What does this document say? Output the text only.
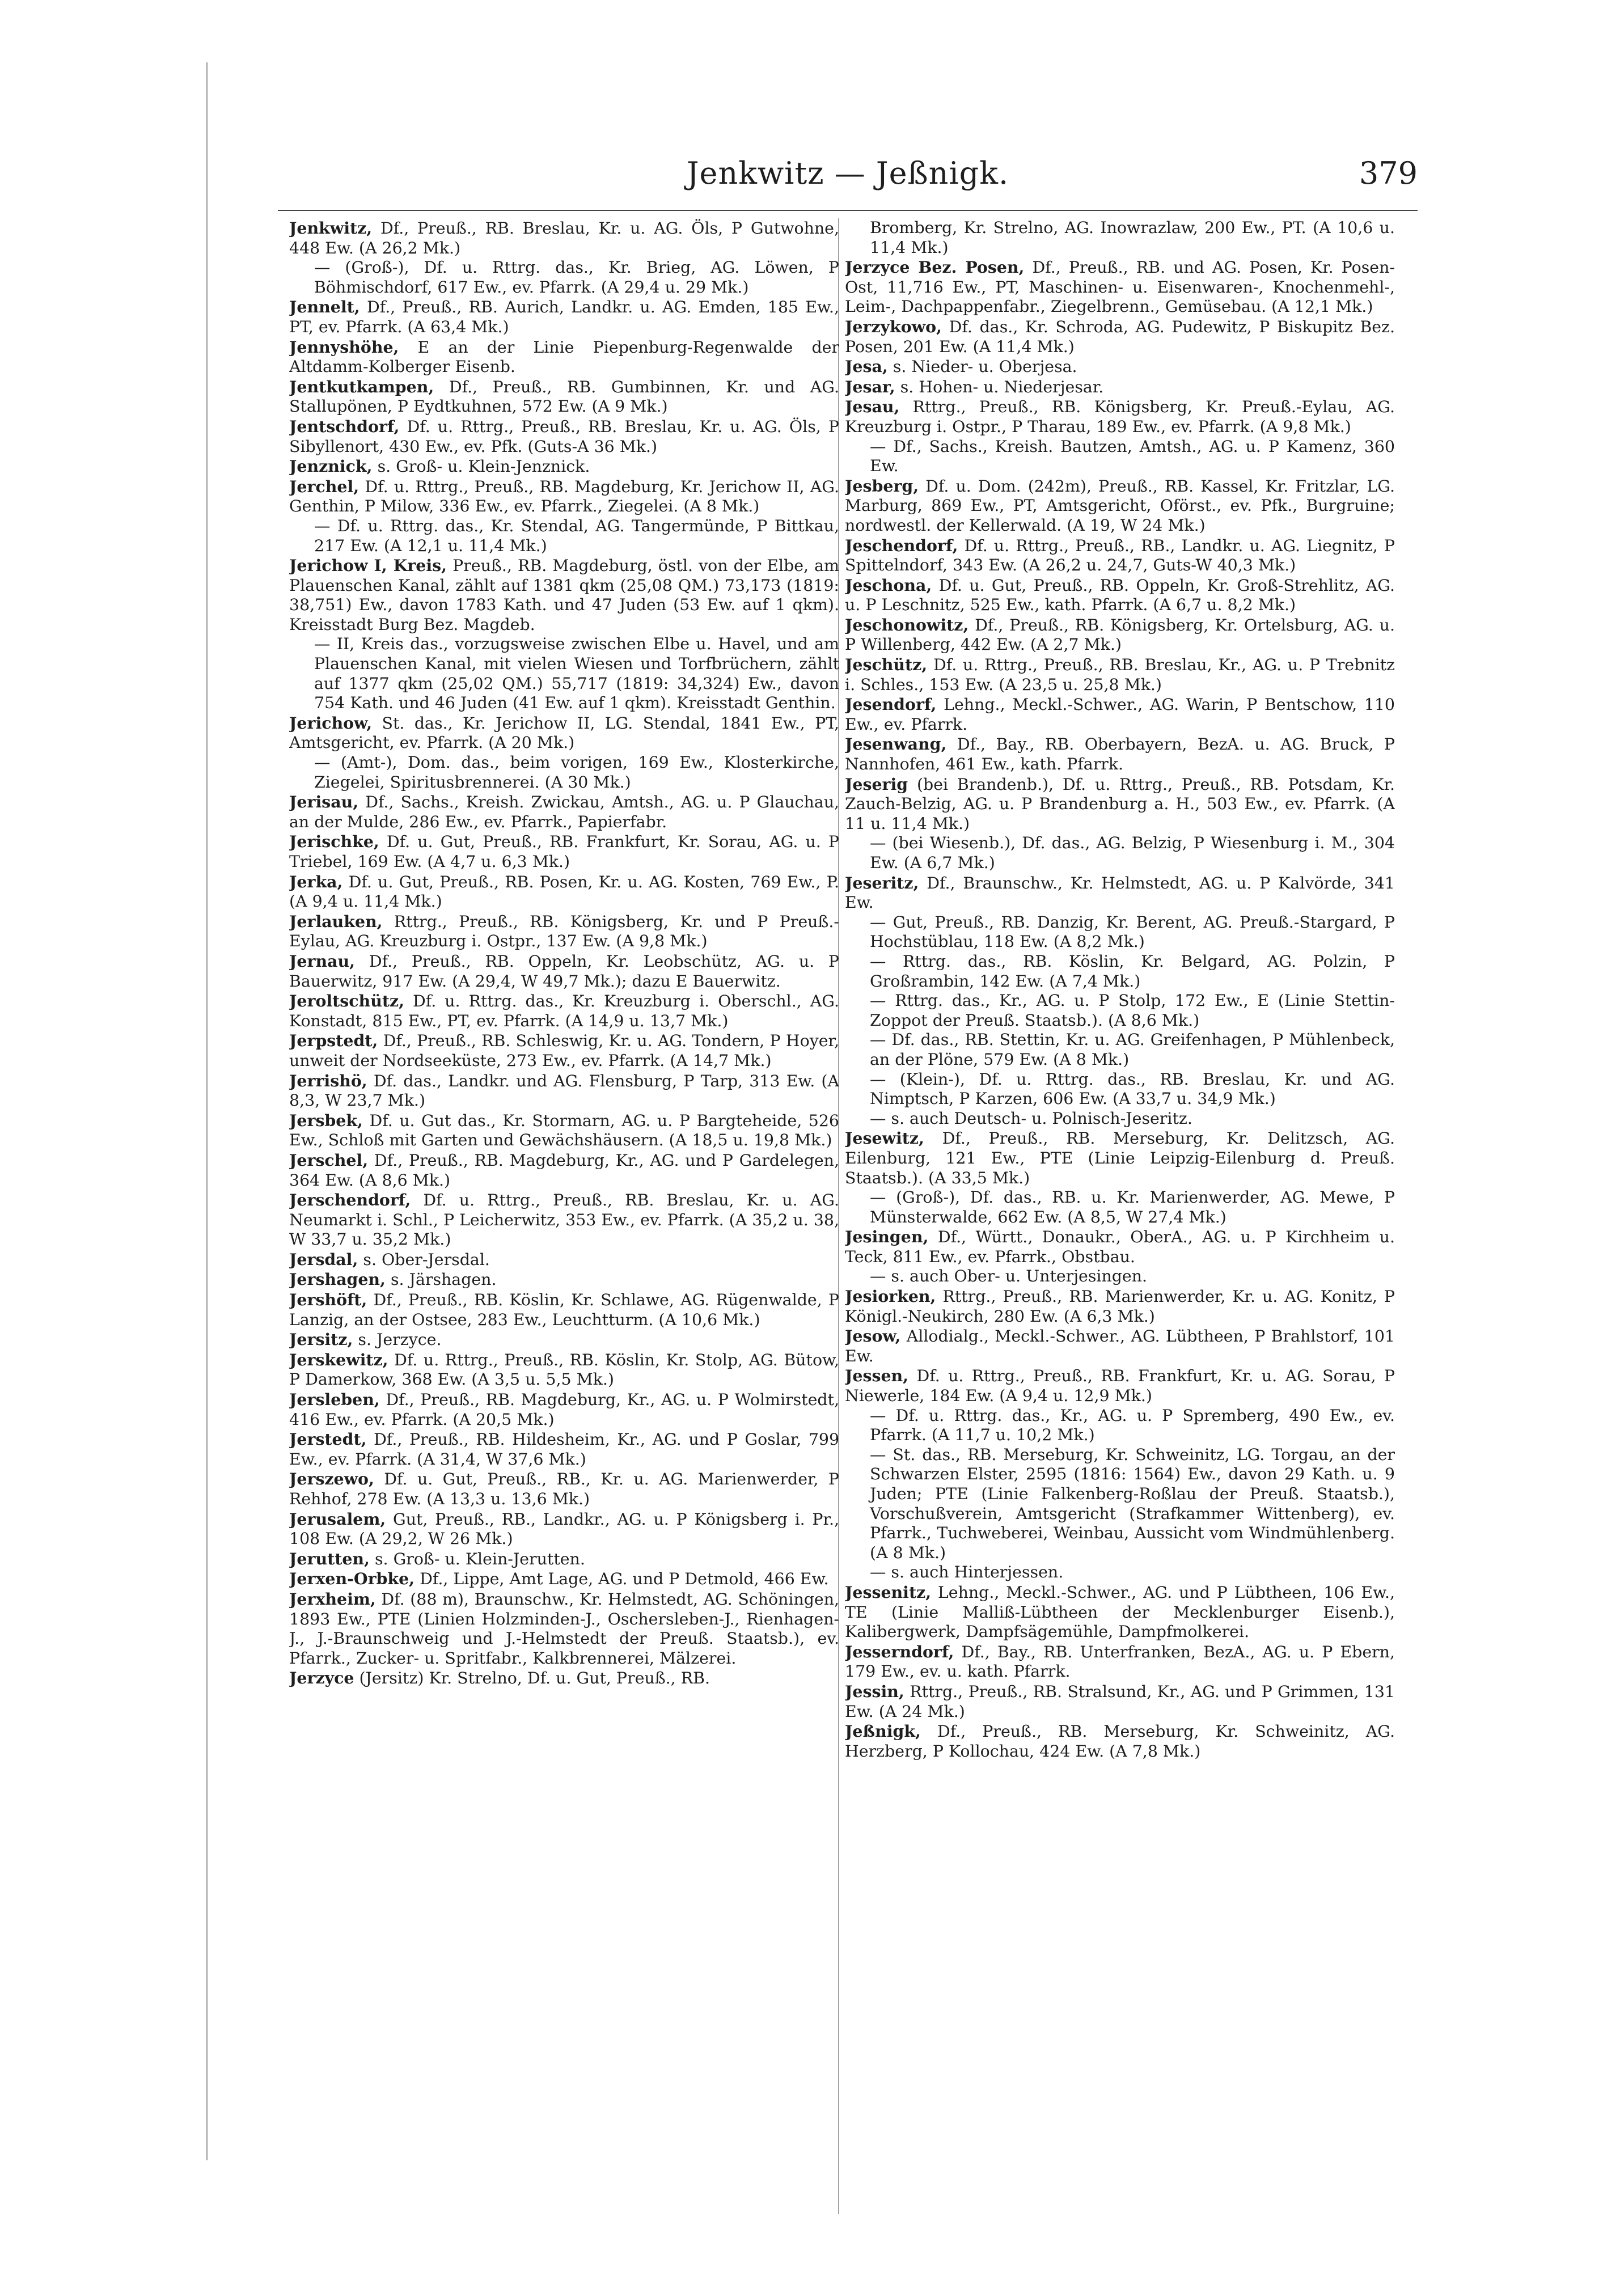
Jenkwitz — Jeßnigk.	379

Jenkwitz, Df., Preuß., RB. Breslau, Kr. u. AG. Öls, P Gutwohne, 448 Ew. (A 26,2 Mk.)

— (Groß-), Df. u. Rttrg. das., Kr. Brieg, AG. Löwen, P Böhmischdorf, 617 Ew., ev. Pfarrk. (A 29,4 u. 29 Mk.)

Jennelt, Df., Preuß., RB. Aurich, Landkr. u. AG. Emden, 185 Ew., PT, ev. Pfarrk. (A 63,4 Mk.)

Jennyshöhe, E an der Linie Piepenburg-Regenwalde der Altdamm-Kolberger Eisenb.

Jentkutkampen, Df., Preuß., RB. Gumbinnen, Kr. und AG. Stallupönen, P Eydtkuhnen, 572 Ew. (A 9 Mk.)

Jentschdorf, Df. u. Rttrg., Preuß., RB. Breslau, Kr. u. AG. Öls, P Sibyllenort, 430 Ew., ev. Pfk. (Guts-A 36 Mk.)

Jenznick, s. Groß- u. Klein-Jenznick.

Jerchel, Df. u. Rttrg., Preuß., RB. Magdeburg, Kr. Jerichow II, AG. Genthin, P Milow, 336 Ew., ev. Pfarrk., Ziegelei. (A 8 Mk.)

— Df. u. Rttrg. das., Kr. Stendal, AG. Tangermünde, P Bittkau, 217 Ew. (A 12,1 u. 11,4 Mk.)

Jerichow I, Kreis, Preuß., RB. Magdeburg, östl. von der Elbe, am Plauenschen Kanal, zählt auf 1381 qkm (25,08 QM.) 73,173 (1819: 38,751) Ew., davon 1783 Kath. und 47 Juden (53 Ew. auf 1 qkm). Kreisstadt Burg Bez. Magdeb.

— II, Kreis das., vorzugsweise zwischen Elbe u. Havel, und am Plauenschen Kanal, mit vielen Wiesen und Torfbrüchern, zählt auf 1377 qkm (25,02 QM.) 55,717 (1819: 34,324) Ew., davon 754 Kath. und 46 Juden (41 Ew. auf 1 qkm). Kreisstadt Genthin.

Jerichow, St. das., Kr. Jerichow II, LG. Stendal, 1841 Ew., PT, Amtsgericht, ev. Pfarrk. (A 20 Mk.)

— (Amt-), Dom. das., beim vorigen, 169 Ew., Klosterkirche, Ziegelei, Spiritusbrennerei. (A 30 Mk.)

Jerisau, Df., Sachs., Kreish. Zwickau, Amtsh., AG. u. P Glauchau, an der Mulde, 286 Ew., ev. Pfarrk., Papierfabr.

Jerischke, Df. u. Gut, Preuß., RB. Frankfurt, Kr. Sorau, AG. u. P Triebel, 169 Ew. (A 4,7 u. 6,3 Mk.)

Jerka, Df. u. Gut, Preuß., RB. Posen, Kr. u. AG. Kosten, 769 Ew., P. (A 9,4 u. 11,4 Mk.)

Jerlauken, Rttrg., Preuß., RB. Königsberg, Kr. und P Preuß.-Eylau, AG. Kreuzburg i. Ostpr., 137 Ew. (A 9,8 Mk.)

Jernau, Df., Preuß., RB. Oppeln, Kr. Leobschütz, AG. u. P Bauerwitz, 917 Ew. (A 29,4, W 49,7 Mk.); dazu E Bauerwitz.

Jeroltschütz, Df. u. Rttrg. das., Kr. Kreuzburg i. Oberschl., AG. Konstadt, 815 Ew., PT, ev. Pfarrk. (A 14,9 u. 13,7 Mk.)

Jerpstedt, Df., Preuß., RB. Schleswig, Kr. u. AG. Tondern, P Hoyer, unweit der Nordseeküste, 273 Ew., ev. Pfarrk. (A 14,7 Mk.)

Jerrishö, Df. das., Landkr. und AG. Flensburg, P Tarp, 313 Ew. (A 8,3, W 23,7 Mk.)

Jersbek, Df. u. Gut das., Kr. Stormarn, AG. u. P Bargteheide, 526 Ew., Schloß mit Garten und Gewächshäusern. (A 18,5 u. 19,8 Mk.)

Jerschel, Df., Preuß., RB. Magdeburg, Kr., AG. und P Gardelegen, 364 Ew. (A 8,6 Mk.)

Jerschendorf, Df. u. Rttrg., Preuß., RB. Breslau, Kr. u. AG. Neumarkt i. Schl., P Leicherwitz, 353 Ew., ev. Pfarrk. (A 35,2 u. 38, W 33,7 u. 35,2 Mk.)

Jersdal, s. Ober-Jersdal.

Jershagen, s. Järshagen.

Jershöft, Df., Preuß., RB. Köslin, Kr. Schlawe, AG. Rügenwalde, P Lanzig, an der Ostsee, 283 Ew., Leuchtturm. (A 10,6 Mk.)

Jersitz, s. Jerzyce.

Jerskewitz, Df. u. Rttrg., Preuß., RB. Köslin, Kr. Stolp, AG. Bütow, P Damerkow, 368 Ew. (A 3,5 u. 5,5 Mk.)

Jersleben, Df., Preuß., RB. Magdeburg, Kr., AG. u. P Wolmirstedt, 416 Ew., ev. Pfarrk. (A 20,5 Mk.)

Jerstedt, Df., Preuß., RB. Hildesheim, Kr., AG. und P Goslar, 799 Ew., ev. Pfarrk. (A 31,4, W 37,6 Mk.)

Jerszewo, Df. u. Gut, Preuß., RB., Kr. u. AG. Marienwerder, P Rehhof, 278 Ew. (A 13,3 u. 13,6 Mk.)

Jerusalem, Gut, Preuß., RB., Landkr., AG. u. P Königsberg i. Pr., 108 Ew. (A 29,2, W 26 Mk.)

Jerutten, s. Groß- u. Klein-Jerutten.

Jerxen-Orbke, Df., Lippe, Amt Lage, AG. und P Detmold, 466 Ew.

Jerxheim, Df. (88 m), Braunschw., Kr. Helmstedt, AG. Schöningen, 1893 Ew., PTE (Linien Holzminden-J., Oschersleben-J., Rienhagen-J., J.-Braunschweig und J.-Helmstedt der Preuß. Staatsb.), ev. Pfarrk., Zucker- u. Spritfabr., Kalkbrennerei, Mälzerei.

Jerzyce (Jersitz) Kr. Strelno, Df. u. Gut, Preuß., RB.

Bromberg, Kr. Strelno, AG. Inowrazlaw, 200 Ew., PT. (A 10,6 u. 11,4 Mk.)

Jerzyce Bez. Posen, Df., Preuß., RB. und AG. Posen, Kr. Posen-Ost, 11,716 Ew., PT, Maschinen- u. Eisenwaren-, Knochenmehl-, Leim-, Dachpappenfabr., Ziegelbrenn., Gemüsebau. (A 12,1 Mk.)

Jerzykowo, Df. das., Kr. Schroda, AG. Pudewitz, P Biskupitz Bez. Posen, 201 Ew. (A 11,4 Mk.)

Jesa, s. Nieder- u. Oberjesa.

Jesar, s. Hohen- u. Niederjesar.

Jesau, Rttrg., Preuß., RB. Königsberg, Kr. Preuß.-Eylau, AG. Kreuzburg i. Ostpr., P Tharau, 189 Ew., ev. Pfarrk. (A 9,8 Mk.)

— Df., Sachs., Kreish. Bautzen, Amtsh., AG. u. P Kamenz, 360 Ew.

Jesberg, Df. u. Dom. (242m), Preuß., RB. Kassel, Kr. Fritzlar, LG. Marburg, 869 Ew., PT, Amtsgericht, Oförst., ev. Pfk., Burgruine; nordwestl. der Kellerwald. (A 19, W 24 Mk.)

Jeschendorf, Df. u. Rttrg., Preuß., RB., Landkr. u. AG. Liegnitz, P Spittelndorf, 343 Ew. (A 26,2 u. 24,7, Guts-W 40,3 Mk.)

Jeschona, Df. u. Gut, Preuß., RB. Oppeln, Kr. Groß-Strehlitz, AG. u. P Leschnitz, 525 Ew., kath. Pfarrk. (A 6,7 u. 8,2 Mk.)

Jeschonowitz, Df., Preuß., RB. Königsberg, Kr. Ortelsburg, AG. u. P Willenberg, 442 Ew. (A 2,7 Mk.)

Jeschütz, Df. u. Rttrg., Preuß., RB. Breslau, Kr., AG. u. P Trebnitz i. Schles., 153 Ew. (A 23,5 u. 25,8 Mk.)

Jesendorf, Lehng., Meckl.-Schwer., AG. Warin, P Bentschow, 110 Ew., ev. Pfarrk.

Jesenwang, Df., Bay., RB. Oberbayern, BezA. u. AG. Bruck, P Nannhofen, 461 Ew., kath. Pfarrk.

Jeserig (bei Brandenb.), Df. u. Rttrg., Preuß., RB. Potsdam, Kr. Zauch-Belzig, AG. u. P Brandenburg a. H., 503 Ew., ev. Pfarrk. (A 11 u. 11,4 Mk.)

— (bei Wiesenb.), Df. das., AG. Belzig, P Wiesenburg i. M., 304 Ew. (A 6,7 Mk.)

Jeseritz, Df., Braunschw., Kr. Helmstedt, AG. u. P Kalvörde, 341 Ew.

— Gut, Preuß., RB. Danzig, Kr. Berent, AG. Preuß.-Stargard, P Hochstüblau, 118 Ew. (A 8,2 Mk.)

— Rttrg. das., RB. Köslin, Kr. Belgard, AG. Polzin, P Großrambin, 142 Ew. (A 7,4 Mk.)

— Rttrg. das., Kr., AG. u. P Stolp, 172 Ew., E (Linie Stettin-Zoppot der Preuß. Staatsb.). (A 8,6 Mk.)

— Df. das., RB. Stettin, Kr. u. AG. Greifenhagen, P Mühlenbeck, an der Plöne, 579 Ew. (A 8 Mk.)

— (Klein-), Df. u. Rttrg. das., RB. Breslau, Kr. und AG. Nimptsch, P Karzen, 606 Ew. (A 33,7 u. 34,9 Mk.)

— s. auch Deutsch- u. Polnisch-Jeseritz.

Jesewitz, Df., Preuß., RB. Merseburg, Kr. Delitzsch, AG. Eilenburg, 121 Ew., PTE (Linie Leipzig-Eilenburg d. Preuß. Staatsb.). (A 33,5 Mk.)

— (Groß-), Df. das., RB. u. Kr. Marienwerder, AG. Mewe, P Münsterwalde, 662 Ew. (A 8,5, W 27,4 Mk.)

Jesingen, Df., Württ., Donaukr., OberA., AG. u. P Kirchheim u. Teck, 811 Ew., ev. Pfarrk., Obstbau.

— s. auch Ober- u. Unterjesingen.

Jesiorken, Rttrg., Preuß., RB. Marienwerder, Kr. u. AG. Konitz, P Königl.-Neukirch, 280 Ew. (A 6,3 Mk.)

Jesow, Allodialg., Meckl.-Schwer., AG. Lübtheen, P Brahlstorf, 101 Ew.

Jessen, Df. u. Rttrg., Preuß., RB. Frankfurt, Kr. u. AG. Sorau, P Niewerle, 184 Ew. (A 9,4 u. 12,9 Mk.)

— Df. u. Rttrg. das., Kr., AG. u. P Spremberg, 490 Ew., ev. Pfarrk. (A 11,7 u. 10,2 Mk.)

— St. das., RB. Merseburg, Kr. Schweinitz, LG. Torgau, an der Schwarzen Elster, 2595 (1816: 1564) Ew., davon 29 Kath. u. 9 Juden; PTE (Linie Falkenberg-Roßlau der Preuß. Staatsb.), Vorschußverein, Amtsgericht (Strafkammer Wittenberg), ev. Pfarrk., Tuchweberei, Weinbau, Aussicht vom Windmühlenberg. (A 8 Mk.)

— s. auch Hinterjessen.

Jessenitz, Lehng., Meckl.-Schwer., AG. und P Lübtheen, 106 Ew., TE (Linie Malliß-Lübtheen der Mecklenburger Eisenb.), Kalibergwerk, Dampfsägemühle, Dampfmolkerei.

Jesserndorf, Df., Bay., RB. Unterfranken, BezA., AG. u. P Ebern, 179 Ew., ev. u. kath. Pfarrk.

Jessin, Rttrg., Preuß., RB. Stralsund, Kr., AG. und P Grimmen, 131 Ew. (A 24 Mk.)

Jeßnigk, Df., Preuß., RB. Merseburg, Kr. Schweinitz, AG. Herzberg, P Kollochau, 424 Ew. (A 7,8 Mk.)
